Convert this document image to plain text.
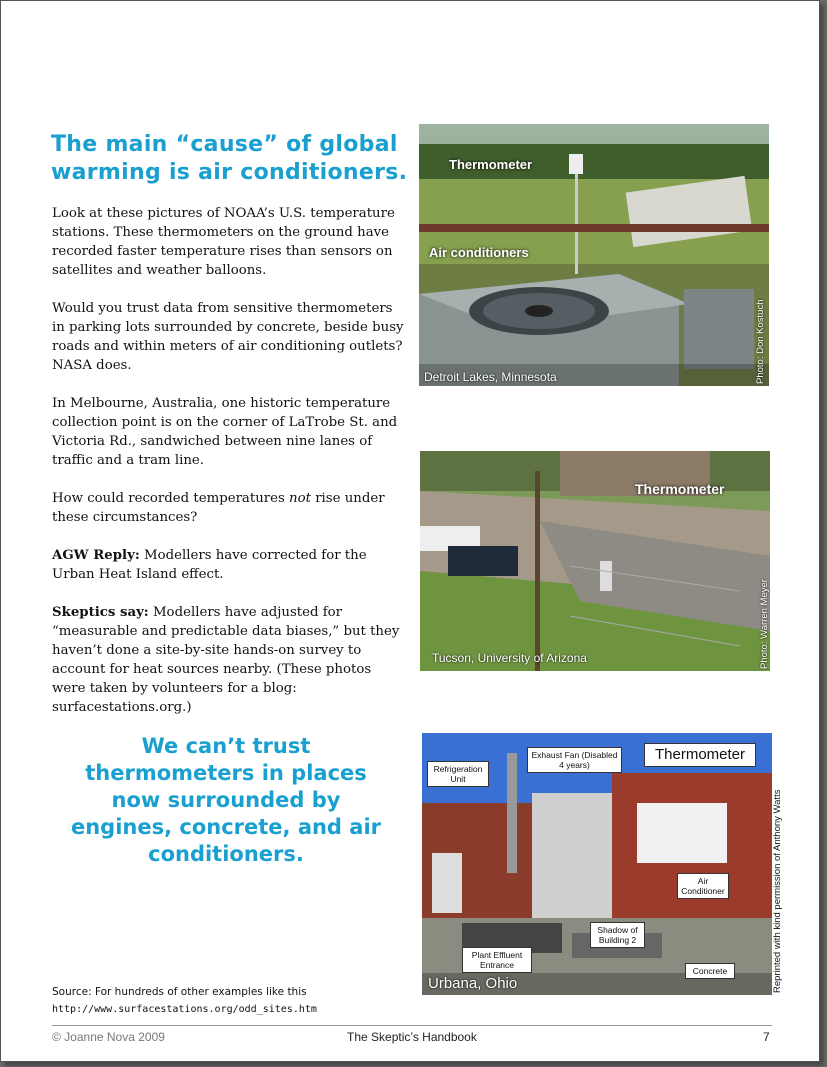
The main “cause” of global warming is air conditioners.

Look at these pictures of NOAA’s U.S. temperature stations. These thermometers on the ground have recorded faster temperature rises than sensors on satellites and weather balloons.

Would you trust data from sensitive thermometers in parking lots surrounded by concrete, beside busy roads and within meters of air conditioning outlets? NASA does.

In Melbourne, Australia, one historic temperature collection point is on the corner of LaTrobe St. and Victoria Rd., sandwiched between nine lanes of traffic and a tram line.

How could recorded temperatures not rise under these circumstances?

AGW Reply: Modellers have corrected for the Urban Heat Island effect.

Skeptics say: Modellers have adjusted for “measurable and predictable data biases,” but they haven’t done a site-by-site hands-on survey to account for heat sources nearby. (These photos were taken by volunteers for a blog: surfacestations.org.)

We can’t trust thermometers in places now surrounded by engines, concrete, and air conditioners.
Source: For hundreds of other examples like this
http://www.surfacestations.org/odd_sites.htm
Thermometer
Air conditioners
Detroit Lakes, Minnesota	Photo: Don Kostuch
Thermometer
Tucson, University of Arizona	Photo: Warren Meyer
Refrigeration Unit
Exhaust Fan (Disabled 4 years)
Thermometer
Air Conditioner
Shadow of Building 2
Plant Effluent Entrance
Concrete
Urbana, Ohio	Reprinted with kind permission of Anthony Watts
© Joanne Nova 2009	The Skeptic’s Handbook	7
